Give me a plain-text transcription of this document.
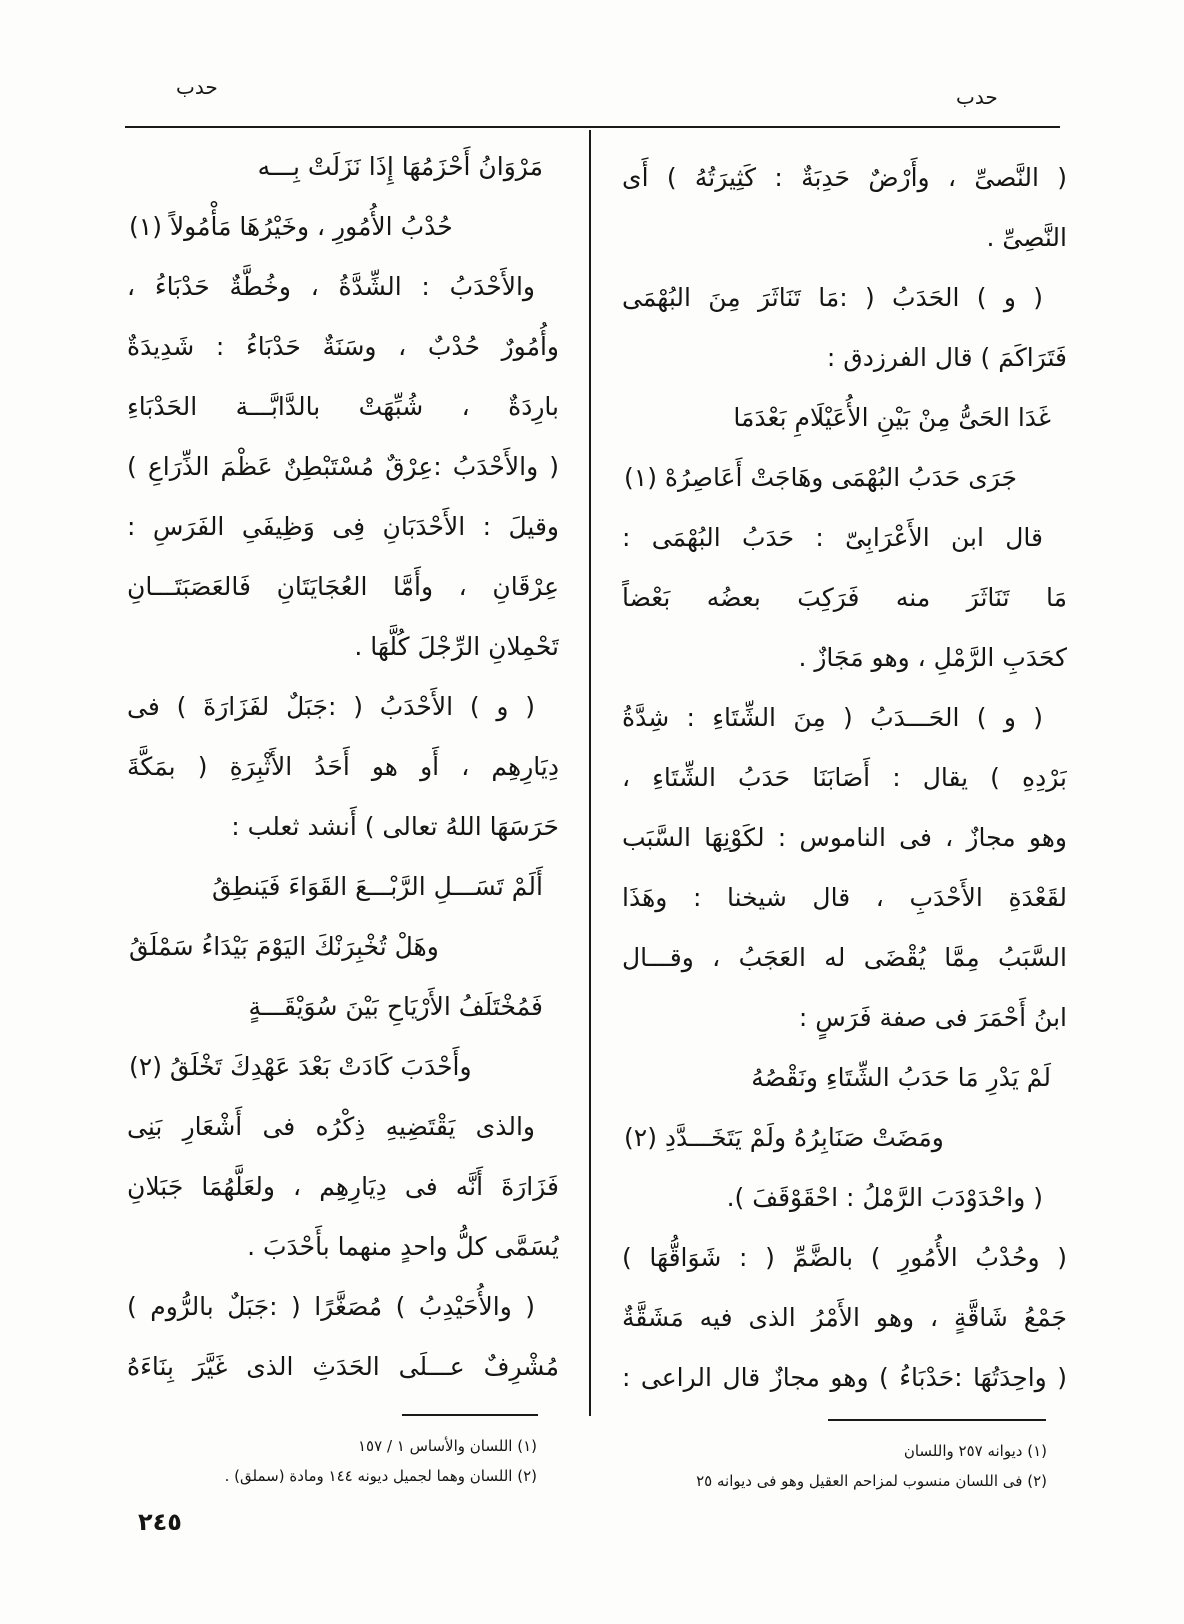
حدب	حدب
( النَّصىِّ ، وأَرْضٌ حَدِبَةٌ : كَثِيرَتُهُ ) أَى
النَّصِىِّ .
( و ) الحَدَبُ ( :مَا تَنَاثَرَ مِنَ البُهْمَى
فَتَرَاكَمَ ) قال الفرزدق :
غَدَا الحَىُّ مِنْ بَيْنِ الأُعَيْلَامِ بَعْدَمَا
جَرَى حَدَبُ البُهْمَى وهَاجَتْ أَعَاصِرُهْ (١)
قال ابن الأَعْرَابِىّ : حَدَبُ البُهْمَى :
مَا تَنَاثَرَ منه فَرَكِبَ بعضُه بَعْضاً
كحَدَبِ الرَّمْلِ ، وهو مَجَازٌ .
( و ) الحَـــدَبُ ( مِنَ الشِّتَاءِ : شِدَّةُ
بَرْدِهِ ) يقال : أَصَابَنَا حَدَبُ الشِّتَاءِ ،
وهو مجازٌ ، فى الناموس : لكَوْنِهَا السَّبَب
لقَعْدَةِ الأَحْدَبِ ، قال شيخنا : وهَذَا
السَّبَبُ مِمَّا يُقْضَى له العَجَبُ ، وقـــال
ابنُ أَحْمَرَ فى صفة فَرَسٍ :
لَمْ يَدْرِ مَا حَدَبُ الشِّتَاءِ ونَقْصُهُ
ومَضَتْ صَنَابِرُهُ ولَمْ يَتَخَـــدَّدِ (٢)
( واحْدَوْدَبَ الرَّمْلُ : احْقَوْقَفَ ).
( وحُدْبُ الأُمُورِ ) بالضَّمِّ ( : شَوَاقُّهَا )
جَمْعُ شَاقَّةٍ ، وهو الأَمْرُ الذى فيه مَشَقَّةٌ
( واحِدَتُهَا :حَدْبَاءُ ) وهو مجازٌ قال الراعى :
مَرْوَانُ أَحْزَمُهَا إِذَا نَزَلَتْ بِـــه
حُدْبُ الأُمُورِ ، وخَيْرُهَا مَأْمُولاً (١)
والأَحْدَبُ : الشِّدَّةُ ، وخُطَّةٌ حَدْبَاءُ ،
وأُمُورٌ حُدْبٌ ، وسَنَةٌ حَدْبَاءُ : شَدِيدَةٌ
بارِدَةٌ ، شُبِّهَتْ بالدَّابَّـــة الحَدْبَاءِ
( والأَحْدَبُ :عِرْقٌ مُسْتَبْطِنٌ عَظْمَ الذِّرَاعِ )
وقيلَ : الأَحْدَبَانِ فِى وَظِيفَىِ الفَرَسِ :
عِرْقَانِ ، وأَمَّا العُجَايَتَانِ فَالعَصَبَتَـــانِ
تَحْمِلانِ الرِّجْلَ كُلَّهَا .
( و ) الأَحْدَبُ ( :جَبَلٌ لفَزَارَةَ ) فى
دِيَارِهِم ، أَو هو أَحَدُ الأَثْبِرَةِ ( بمَكَّةَ
حَرَسَهَا اللهُ تعالى ) أَنشد ثعلب :
أَلَمْ تَسَـــلِ الرَّبْـــعَ القَوَاءَ فَيَنطِقُ
وهَلْ تُخْبِرَنْكَ اليَوْمَ بَيْدَاءُ سَمْلَقُ
فَمُخْتَلَفُ الأَرْيَاحِ بَيْنَ سُوَيْقَـــةٍ
وأَحْدَبَ كَادَتْ بَعْدَ عَهْدِكَ تَخْلَقُ (٢)
والذى يَقْتَضِيهِ ذِكْرُه فى أَشْعَارِ بَنِى
فَزَارَةَ أَنَّه فى دِيَارِهِم ، ولعَلَّهُمَا جَبَلانِ
يُسَمَّى كلُّ واحدٍ منهما بأَحْدَبَ .
( والأُحَيْدِبُ ) مُصَغَّرًا ( :جَبَلٌ بالرُّوم )
مُشْرِفٌ عـــلَى الحَدَثِ الذى غَيَّرَ بِنَاءَهُ
(١) ديوانه ٢٥٧ واللسان
(٢) فى اللسان منسوب لمزاحم العقيل وهو فى ديوانه ٢٥
(١) اللسان والأساس ١ / ١٥٧
(٢) اللسان وهما لجميل ديونه ١٤٤ ومادة (سملق) .
٢٤٥
